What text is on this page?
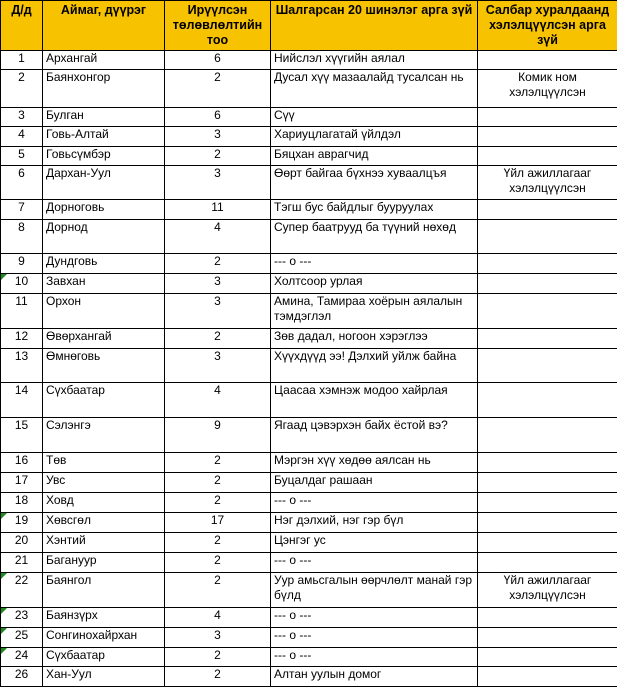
Д/д	Аймаг, дүүрэг	Ирүүлсэн төлөвлөлтийн тоо	Шалгарсан 20 шинэлэг арга зүй	Салбар хуралдаанд хэлэлцүүлсэн арга зүй

1	Архангай	6	Нийслэл хүүгийн аялал	

2	Баянхонгор	2	Дусал хүү мазаалайд тусалсан нь	Комик ном хэлэлцүүлсэн

3	Булган	6	Сүү	

4	Говь-Алтай	3	Хариуцлагатай үйлдэл	

5	Говьсүмбэр	2	Бяцхан аврагчид	

6	Дархан-Уул	3	Өөрт байгаа бүхнээ хуваалцъя	Үйл ажиллагааг хэлэлцүүлсэн

7	Дорноговь	11	Тэгш бус байдлыг бууруулах	

8	Дорнод	4	Супер баатрууд ба түүний нөхөд	

9	Дундговь	2	--- о ---	

10	Завхан	3	Холтсоор урлая	

11	Орхон	3	Амина, Тамираа хоёрын аялалын тэмдэглэл	

12	Өвөрхангай	2	Зөв дадал, ногоон хэрэглээ	

13	Өмнөговь	3	Хүүхдүүд ээ! Дэлхий уйлж байна	

14	Сүхбаатар	4	Цаасаа хэмнэж модоо хайрлая	

15	Сэлэнгэ	9	Ягаад цэвэрхэн байх ёстой вэ?	

16	Төв	2	Мэргэн хүү хөдөө аялсан нь	

17	Увс	2	Буцалдаг рашаан	

18	Ховд	2	--- о ---	

19	Хөвсгөл	17	Нэг дэлхий, нэг гэр бүл	

20	Хэнтий	2	Цэнгэг ус	

21	Багануур	2	--- о ---	

22	Баянгол	2	Уур амьсгалын өөрчлөлт манай гэр бүлд	Үйл ажиллагааг хэлэлцүүлсэн

23	Баянзүрх	4	--- о ---	

25	Сонгинохайрхан	3	--- о ---	

24	Сүхбаатар	2	--- о ---	

26	Хан-Уул	2	Алтан уулын домог	
